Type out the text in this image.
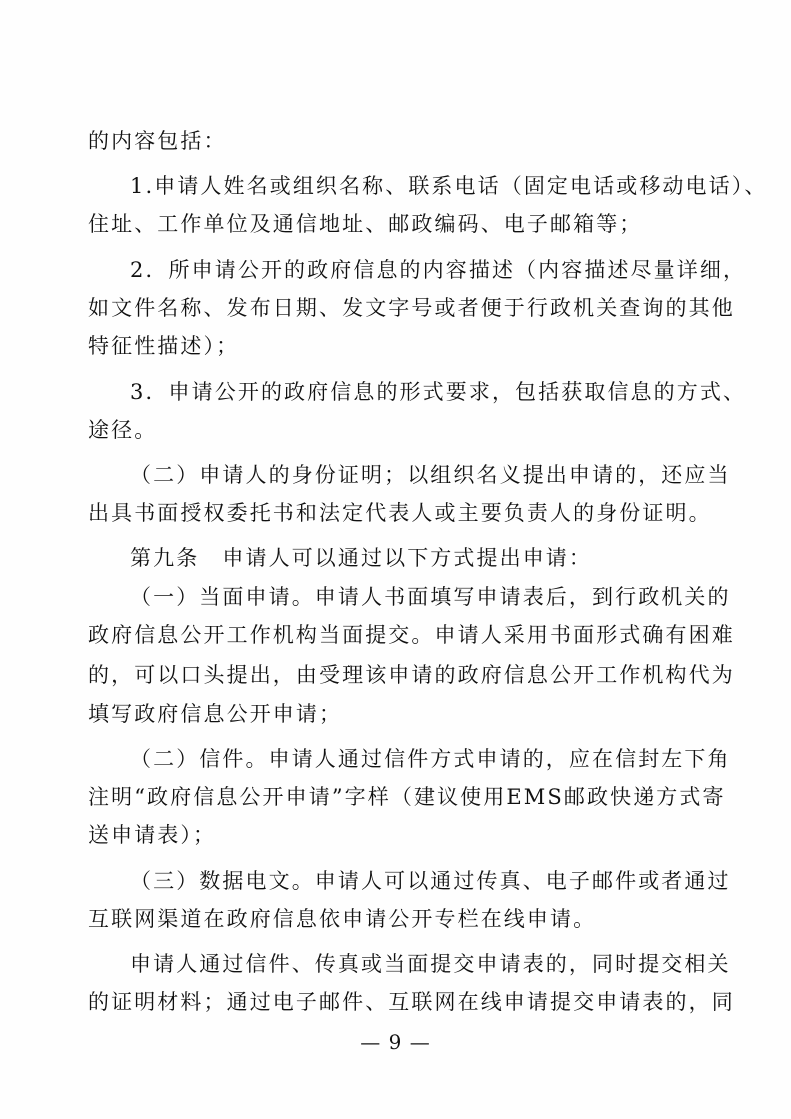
的内容包括：
1.申请人姓名或组织名称、联系电话（固定电话或移动电话）、
住址、工作单位及通信地址、邮政编码、电子邮箱等；
2．所申请公开的政府信息的内容描述（内容描述尽量详细，
如文件名称、发布日期、发文字号或者便于行政机关查询的其他
特征性描述）；
3．申请公开的政府信息的形式要求，包括获取信息的方式、
途径。
（二）申请人的身份证明；以组织名义提出申请的，还应当
出具书面授权委托书和法定代表人或主要负责人的身份证明。
第九条　申请人可以通过以下方式提出申请：
（一）当面申请。申请人书面填写申请表后，到行政机关的
政府信息公开工作机构当面提交。申请人采用书面形式确有困难
的，可以口头提出，由受理该申请的政府信息公开工作机构代为
填写政府信息公开申请；
（二）信件。申请人通过信件方式申请的，应在信封左下角
注明“政府信息公开申请”字样（建议使用EMS邮政快递方式寄
送申请表）；
（三）数据电文。申请人可以通过传真、电子邮件或者通过
互联网渠道在政府信息依申请公开专栏在线申请。
申请人通过信件、传真或当面提交申请表的，同时提交相关
的证明材料；通过电子邮件、互联网在线申请提交申请表的，同
— 9 —
